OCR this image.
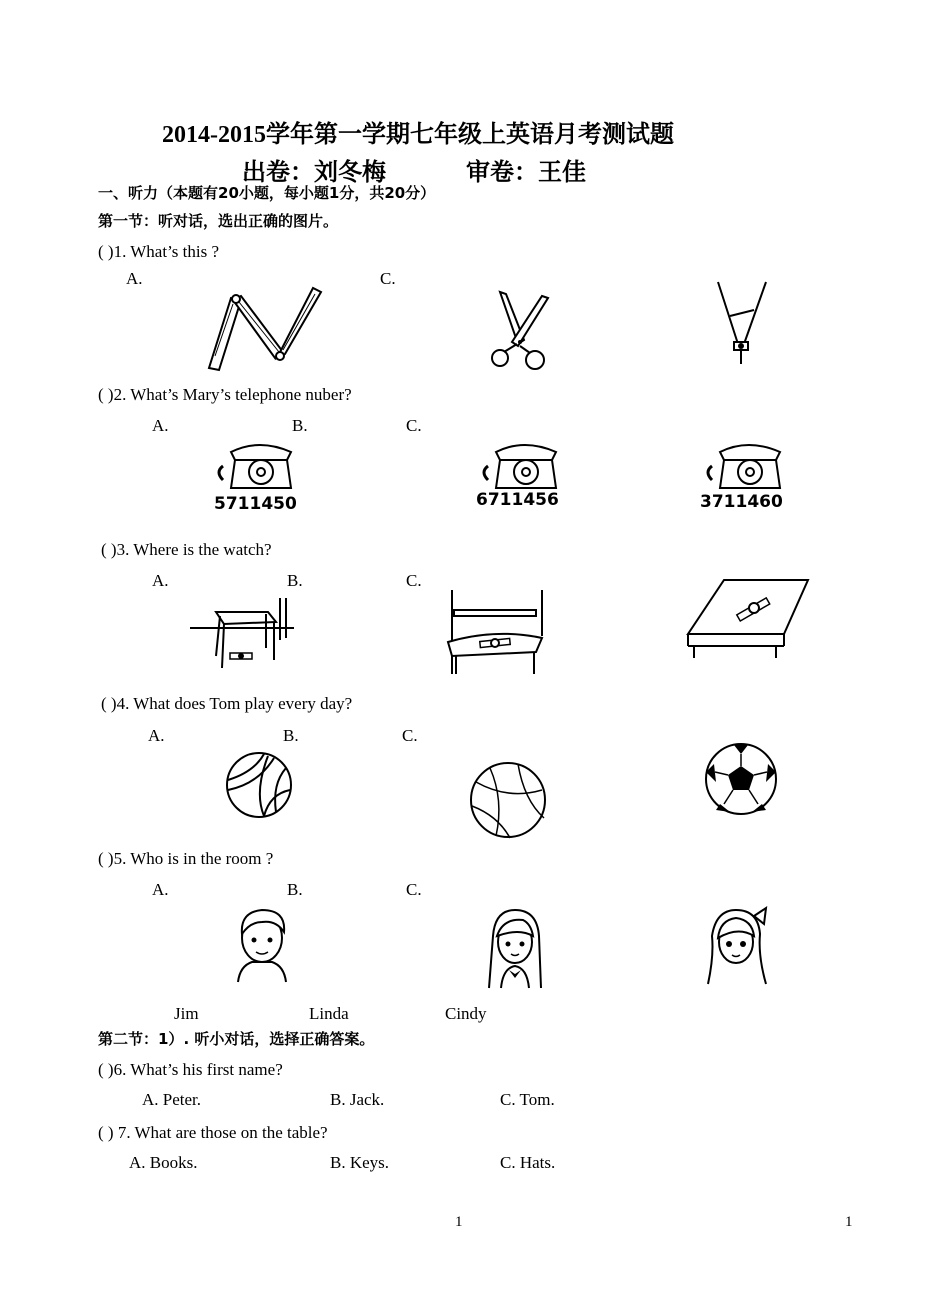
2014-2015学年第一学期七年级上英语月考测试题
出卷：刘冬梅	审卷：王佳
一、听力（本题有20小题，每小题1分，共20分）
第一节：听对话，选出正确的图片。
( )1. What’s this ?
A.	C.
( )2. What’s Mary’s telephone nuber?
A.	B.	C.
5711450	6711456	3711460
( )3. Where is the watch?
A.	B.	C.
( )4. What does Tom play every day?
A.	B.	C.
( )5. Who is in the room ?
A.	B.	C.
Jim	Linda	Cindy
第二节：1）. 听小对话，选择正确答案。
( )6. What’s his first name?
A. Peter.	B. Jack.	C. Tom.
( ) 7. What are those on the table?
A. Books.	B. Keys.	C. Hats.
1	1
